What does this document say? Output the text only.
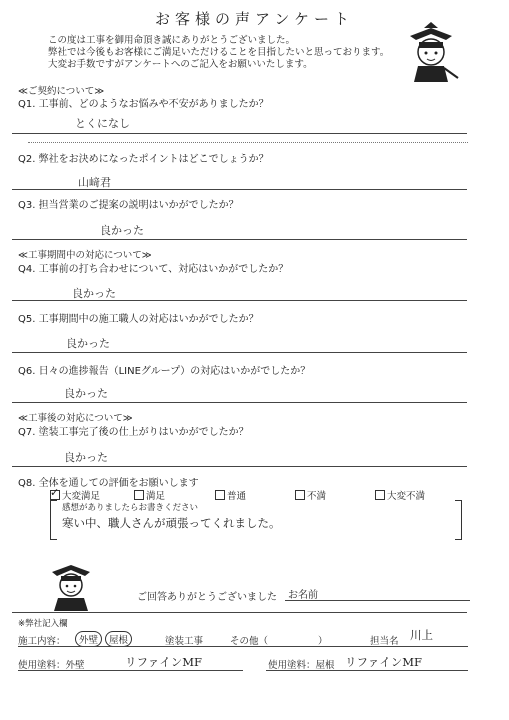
お客様の声アンケート
この度は工事を御用命頂き誠にありがとうございました。
弊社では今後もお客様にご満足いただけることを目指したいと思っております。
大変お手数ですがアンケートへのご記入をお願いいたします。
≪ご契約について≫
Q1. 工事前、どのようなお悩みや不安がありましたか？
とくになし
Q2. 弊社をお決めになったポイントはどこでしょうか？
山﨑君
Q3. 担当営業のご提案の説明はいかがでしたか？
良かった
≪工事期間中の対応について≫
Q4. 工事前の打ち合わせについて、対応はいかがでしたか？
良かった
Q5. 工事期間中の施工職人の対応はいかがでしたか？
良かった
Q6. 日々の進捗報告（LINEグループ）の対応はいかがでしたか？
良かった
≪工事後の対応について≫
Q7. 塗装工事完了後の仕上がりはいかがでしたか？
良かった
Q8. 全体を通しての評価をお願いします
✓大変満足	満足	普通	不満	大変不満
感想がありましたらお書きください
寒い中、職人さんが頑張ってくれました。
ご回答ありがとうございました お名前
※弊社記入欄
施工内容：	外壁 屋根	塗装工事	その他（	）	担当名 川上
使用塗料：外壁	リファインMF	使用塗料：屋根 リファインMF
